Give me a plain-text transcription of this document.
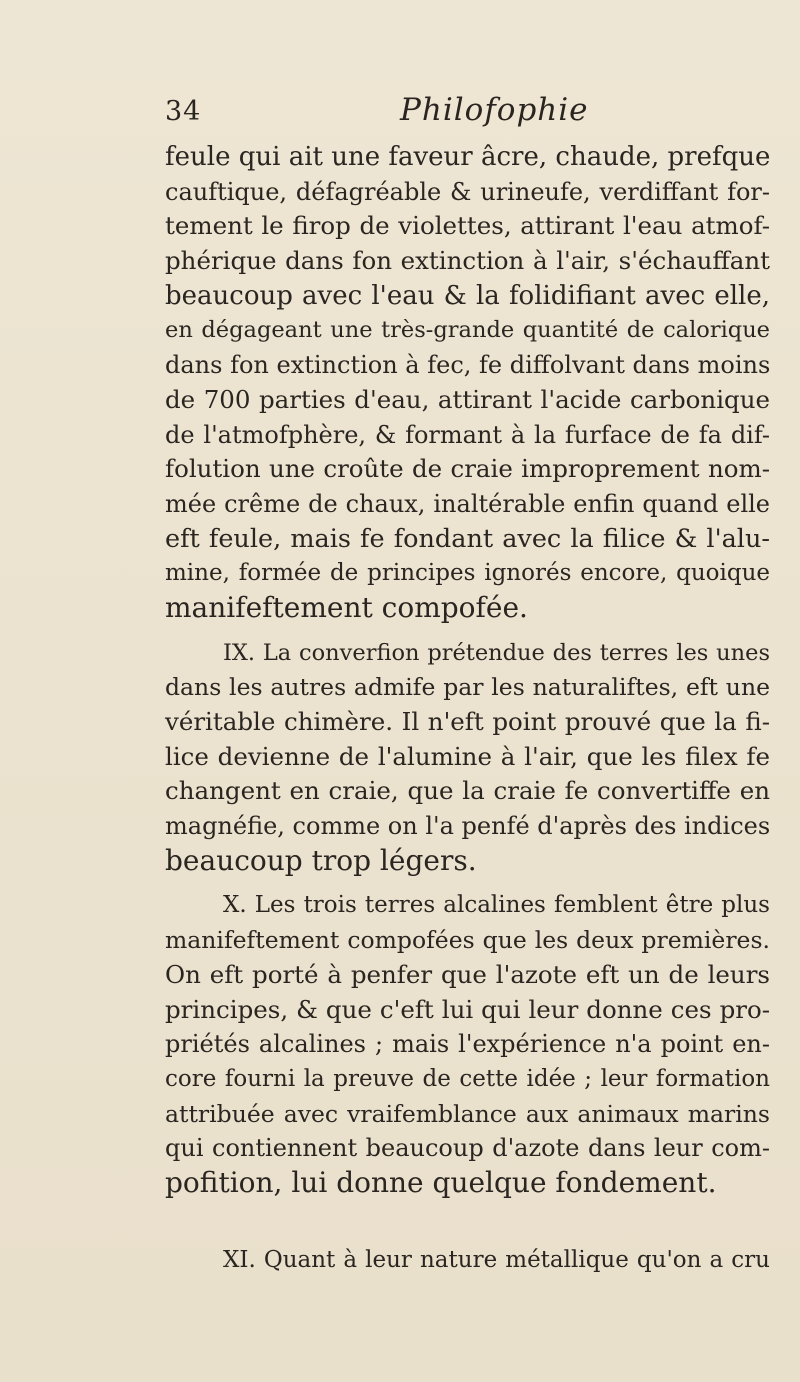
34	Philofophie
feule qui ait une faveur âcre, chaude, prefque
cauftique, défagréable & urineufe, verdiffant for-
tement le firop de violettes, attirant l'eau atmof-
phérique dans fon extinction à l'air, s'échauffant
beaucoup avec l'eau & la folidifiant avec elle,
en dégageant une très-grande quantité de calorique
dans fon extinction à fec, fe diffolvant dans moins
de 700 parties d'eau, attirant l'acide carbonique
de l'atmofphère, & formant à la furface de fa dif-
folution une croûte de craie improprement nom-
mée crême de chaux, inaltérable enfin quand elle
eft feule, mais fe fondant avec la filice & l'alu-
mine, formée de principes ignorés encore, quoique
manifeftement compofée.
IX. La converfion prétendue des terres les unes
dans les autres admife par les naturaliftes, eft une
véritable chimère. Il n'eft point prouvé que la fi-
lice devienne de l'alumine à l'air, que les filex fe
changent en craie, que la craie fe convertiffe en
magnéfie, comme on l'a penfé d'après des indices
beaucoup trop légers.
X. Les trois terres alcalines femblent être plus
manifeftement compofées que les deux premières.
On eft porté à penfer que l'azote eft un de leurs
principes, & que c'eft lui qui leur donne ces pro-
priétés alcalines ; mais l'expérience n'a point en-
core fourni la preuve de cette idée ; leur formation
attribuée avec vraifemblance aux animaux marins
qui contiennent beaucoup d'azote dans leur com-
pofition, lui donne quelque fondement.
XI. Quant à leur nature métallique qu'on a cru
